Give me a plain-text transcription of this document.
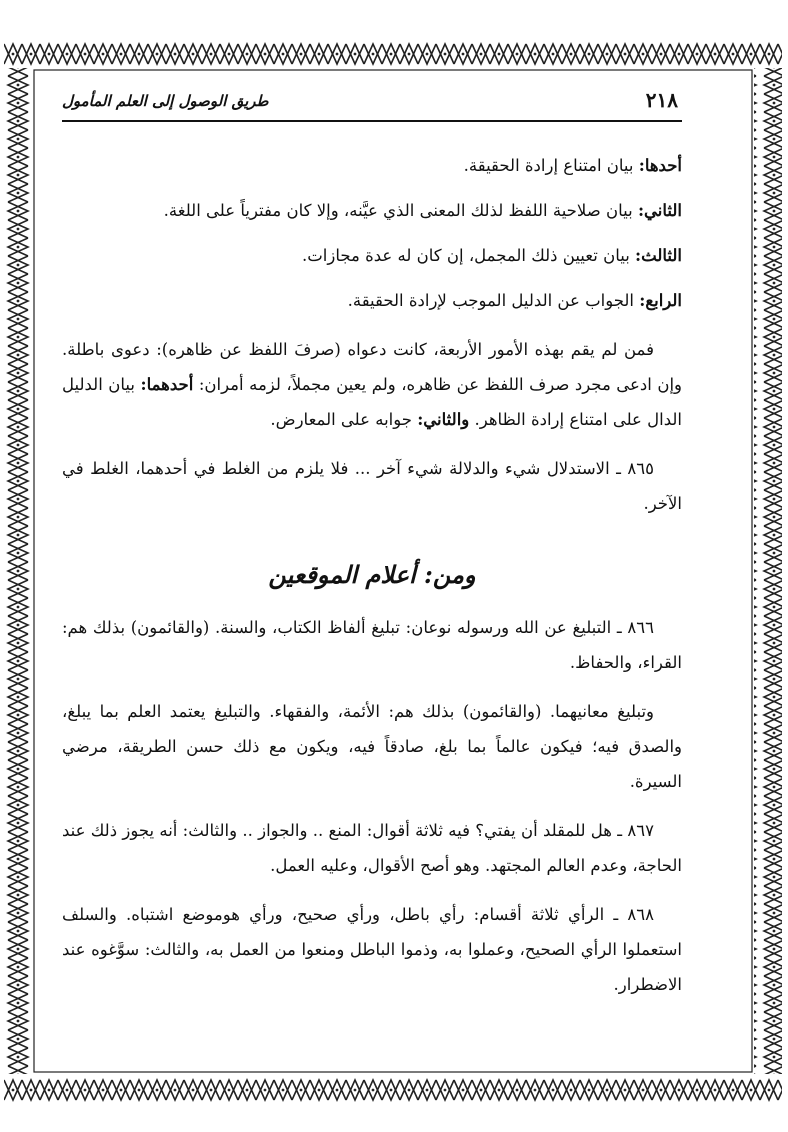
٢١٨
طريق الوصول إلى العلم المأمول
أحدها: بيان امتناع إرادة الحقيقة.
الثاني: بيان صلاحية اللفظ لذلك المعنى الذي عيَّنه، وإلا كان مفترياً على اللغة.
الثالث: بيان تعيين ذلك المجمل، إن كان له عدة مجازات.
الرابع: الجواب عن الدليل الموجب لإرادة الحقيقة.

فمن لم يقم بهذه الأمور الأربعة، كانت دعواه (صرفَ اللفظ عن ظاهره): دعوى باطلة. وإن ادعى مجرد صرف اللفظ عن ظاهره، ولم يعين مجملاً، لزمه أمران: أحدهما: بيان الدليل الدال على امتناع إرادة الظاهر. والثاني: جوابه على المعارض.

٨٦٥ ـ الاستدلال شيء والدلالة شيء آخر ... فلا يلزم من الغلط في أحدهما، الغلط في الآخر.

ومن: أعلام الموقعين

٨٦٦ ـ التبليغ عن الله ورسوله نوعان: تبليغ ألفاظ الكتاب، والسنة. (والقائمون) بذلك هم: القراء، والحفاظ.

وتبليغ معانيهما. (والقائمون) بذلك هم: الأئمة، والفقهاء. والتبليغ يعتمد العلم بما يبلغ، والصدق فيه؛ فيكون عالماً بما بلغ، صادقاً فيه، ويكون مع ذلك حسن الطريقة، مرضي السيرة.

٨٦٧ ـ هل للمقلد أن يفتي؟ فيه ثلاثة أقوال: المنع .. والجواز .. والثالث: أنه يجوز ذلك عند الحاجة، وعدم العالم المجتهد. وهو أصح الأقوال، وعليه العمل.

٨٦٨ ـ الرأي ثلاثة أقسام: رأي باطل، ورأي صحيح، ورأي هوموضع اشتباه. والسلف استعملوا الرأي الصحيح، وعملوا به، وذموا الباطل ومنعوا من العمل به، والثالث: سوَّغوه عند الاضطرار.
